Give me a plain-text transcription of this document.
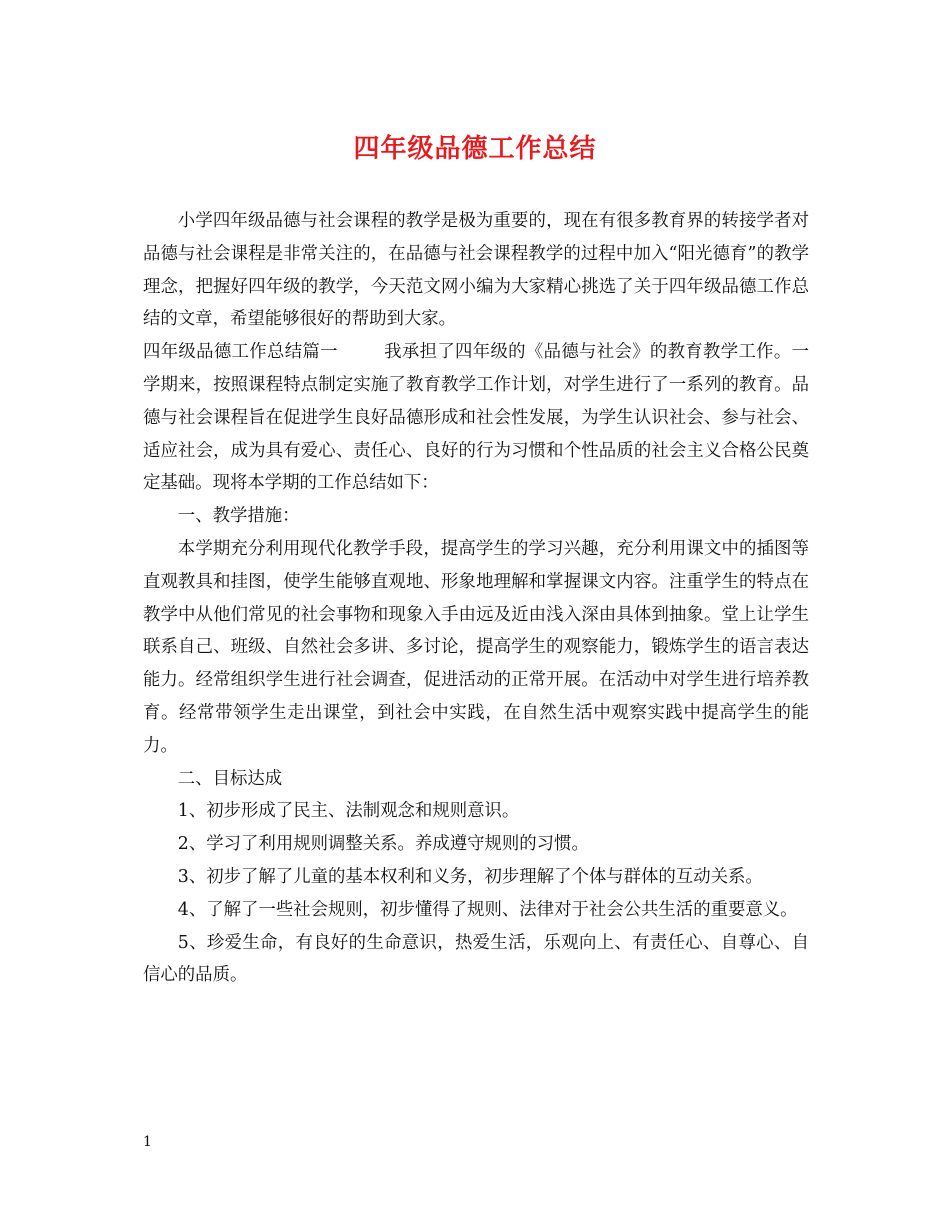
四年级品德工作总结

小学四年级品德与社会课程的教学是极为重要的，现在有很多教育界的转接学者对品德与社会课程是非常关注的，在品德与社会课程教学的过程中加入“阳光德育”的教学理念，把握好四年级的教学，今天范文网小编为大家精心挑选了关于四年级品德工作总结的文章，希望能够很好的帮助到大家。

四年级品德工作总结篇一	我承担了四年级的《品德与社会》的教育教学工作。一学期来，按照课程特点制定实施了教育教学工作计划，对学生进行了一系列的教育。品德与社会课程旨在促进学生良好品德形成和社会性发展，为学生认识社会、参与社会、适应社会，成为具有爱心、责任心、良好的行为习惯和个性品质的社会主义合格公民奠定基础。现将本学期的工作总结如下：

一、教学措施：

本学期充分利用现代化教学手段，提高学生的学习兴趣，充分利用课文中的插图等直观教具和挂图，使学生能够直观地、形象地理解和掌握课文内容。注重学生的特点在教学中从他们常见的社会事物和现象入手由远及近由浅入深由具体到抽象。堂上让学生联系自己、班级、自然社会多讲、多讨论，提高学生的观察能力，锻炼学生的语言表达能力。经常组织学生进行社会调查，促进活动的正常开展。在活动中对学生进行培养教育。经常带领学生走出课堂，到社会中实践，在自然生活中观察实践中提高学生的能力。

二、目标达成

1、初步形成了民主、法制观念和规则意识。

2、学习了利用规则调整关系。养成遵守规则的习惯。

3、初步了解了儿童的基本权利和义务，初步理解了个体与群体的互动关系。

4、了解了一些社会规则，初步懂得了规则、法律对于社会公共生活的重要意义。

5、珍爱生命，有良好的生命意识，热爱生活，乐观向上、有责任心、自尊心、自信心的品质。

1
